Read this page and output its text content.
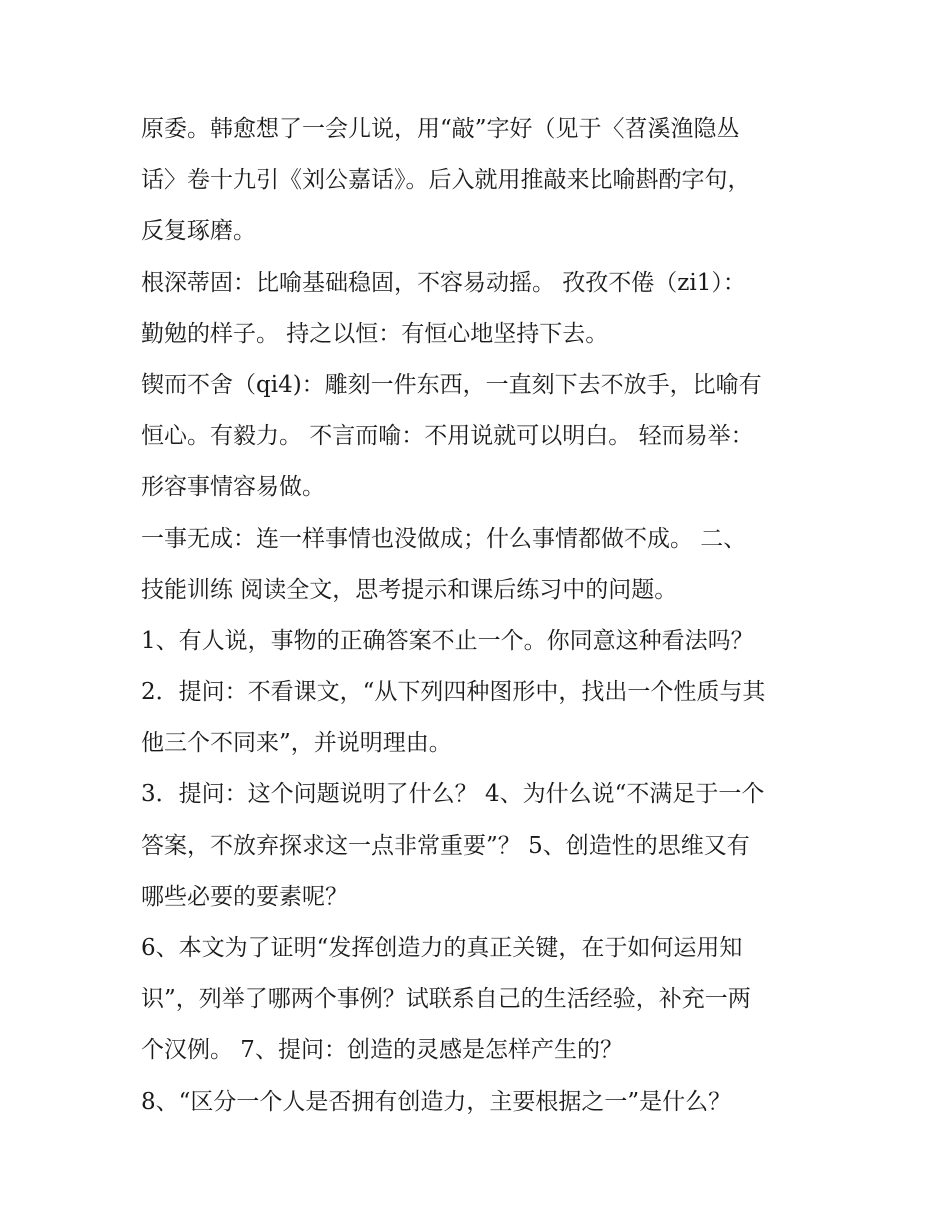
原委。韩愈想了一会儿说，用“敲”字好（见于〈苕溪渔隐丛
话〉卷十九引《刘公嘉话》。后入就用推敲来比喻斟酌字句，
反复琢磨。
根深蒂固：比喻基础稳固，不容易动摇。 孜孜不倦（zi1）：
勤勉的样子。 持之以恒：有恒心地坚持下去。
锲而不舍（qi4)：雕刻一件东西，一直刻下去不放手，比喻有
恒心。有毅力。 不言而喻：不用说就可以明白。 轻而易举：
形容事情容易做。
一事无成：连一样事情也没做成；什么事情都做不成。 二、
技能训练 阅读全文，思考提示和课后练习中的问题。
1、有人说，事物的正确答案不止一个。你同意这种看法吗？
2．提问：不看课文，“从下列四种图形中，找出一个性质与其
他三个不同来”，并说明理由。
3．提问：这个问题说明了什么？ 4、为什么说“不满足于一个
答案，不放弃探求这一点非常重要”？ 5、创造性的思维又有
哪些必要的要素呢？
6、本文为了证明“发挥创造力的真正关键，在于如何运用知
识”，列举了哪两个事例？试联系自己的生活经验，补充一两
个汉例。 7、提问：创造的灵感是怎样产生的？
8、“区分一个人是否拥有创造力，主要根据之一”是什么？
